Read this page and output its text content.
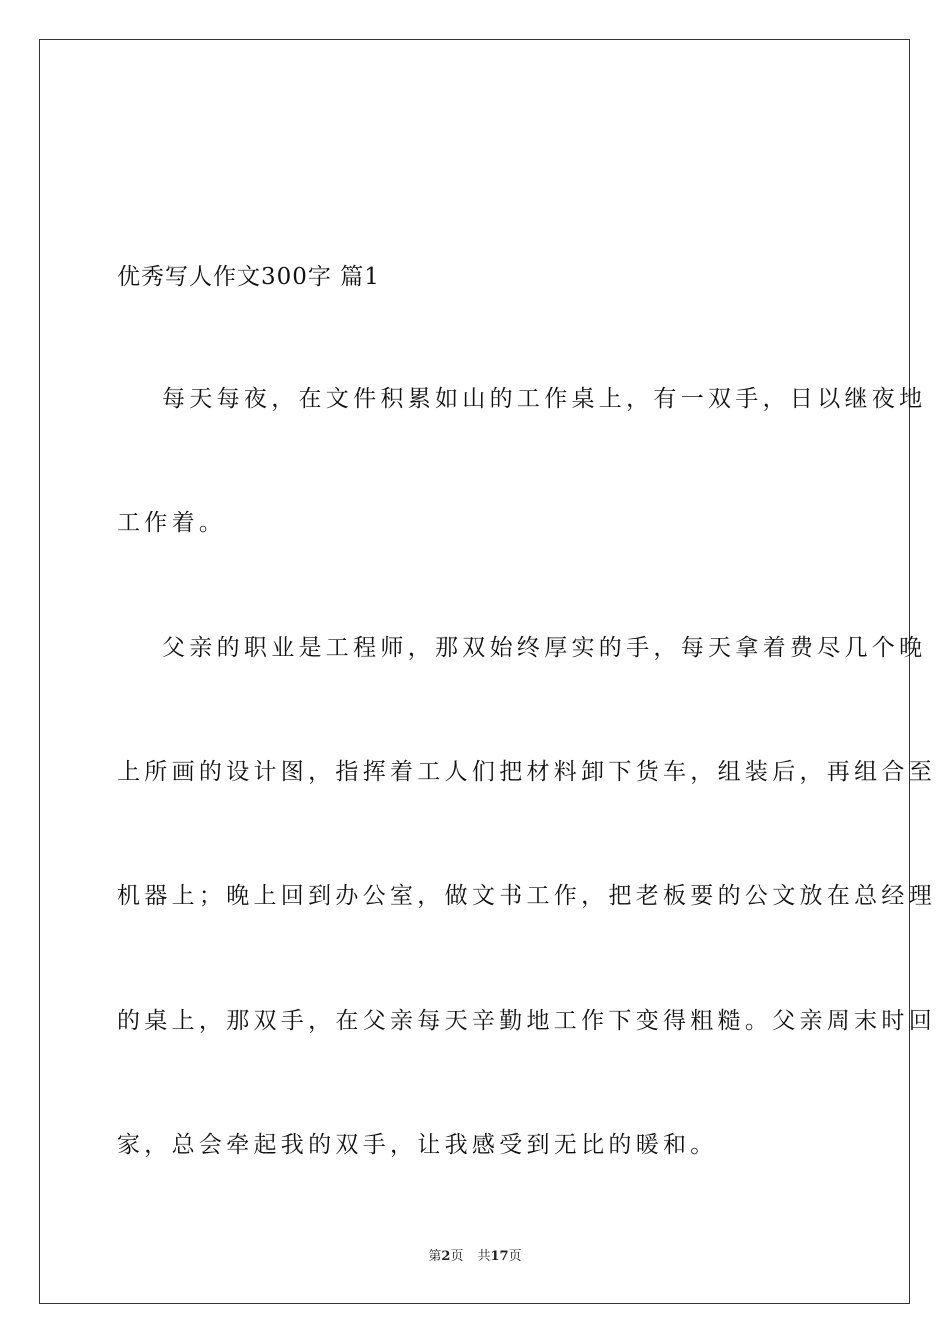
优秀写人作文300字 篇1
每天每夜，在文件积累如山的工作桌上，有一双手，日以继夜地
工作着。
父亲的职业是工程师，那双始终厚实的手，每天拿着费尽几个晚
上所画的设计图，指挥着工人们把材料卸下货车，组装后，再组合至
机器上；晚上回到办公室，做文书工作，把老板要的公文放在总经理
的桌上，那双手，在父亲每天辛勤地工作下变得粗糙。父亲周末时回
家，总会牵起我的双手，让我感受到无比的暖和。
第2页 共17页
